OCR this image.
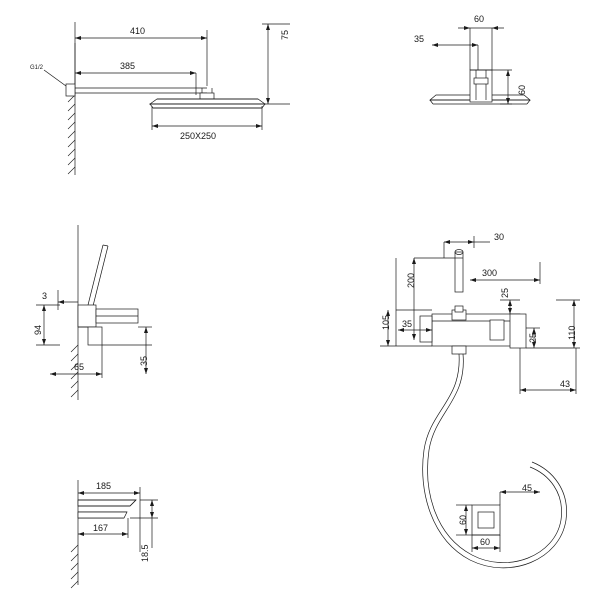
G1/2
410
385
75
250X250
60
35
60
3
94
65
35
30
300
200
25
105 35
25	110
43
185
167
18.5
45
60
60
